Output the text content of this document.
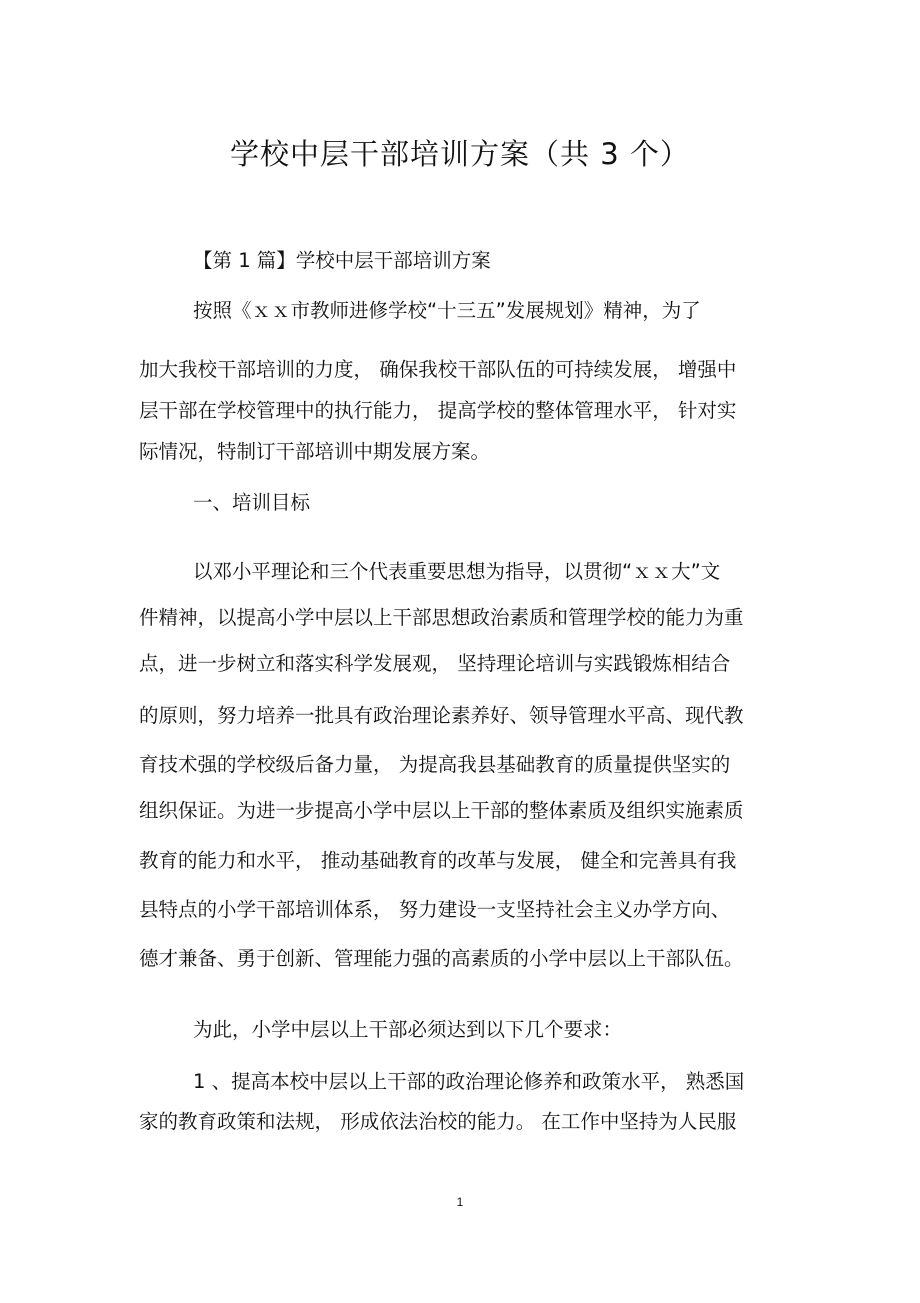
学校中层干部培训方案（共 3 个）
【第 1 篇】学校中层干部培训方案
按照《ｘｘ市教师进修学校“十三五”发展规划》精神，为了
加大我校干部培训的力度， 确保我校干部队伍的可持续发展， 增强中
层干部在学校管理中的执行能力， 提高学校的整体管理水平， 针对实
际情况，特制订干部培训中期发展方案。
一、培训目标
以邓小平理论和三个代表重要思想为指导，以贯彻“ｘｘ大”文
件精神，以提高小学中层以上干部思想政治素质和管理学校的能力为重
点，进一步树立和落实科学发展观， 坚持理论培训与实践锻炼相结合
的原则，努力培养一批具有政治理论素养好、领导管理水平高、现代教
育技术强的学校级后备力量， 为提高我县基础教育的质量提供坚实的
组织保证。为进一步提高小学中层以上干部的整体素质及组织实施素质
教育的能力和水平， 推动基础教育的改革与发展， 健全和完善具有我
县特点的小学干部培训体系， 努力建设一支坚持社会主义办学方向、
德才兼备、勇于创新、管理能力强的高素质的小学中层以上干部队伍。
为此，小学中层以上干部必须达到以下几个要求：
1 、提高本校中层以上干部的政治理论修养和政策水平， 熟悉国
家的教育政策和法规， 形成依法治校的能力。 在工作中坚持为人民服
1
